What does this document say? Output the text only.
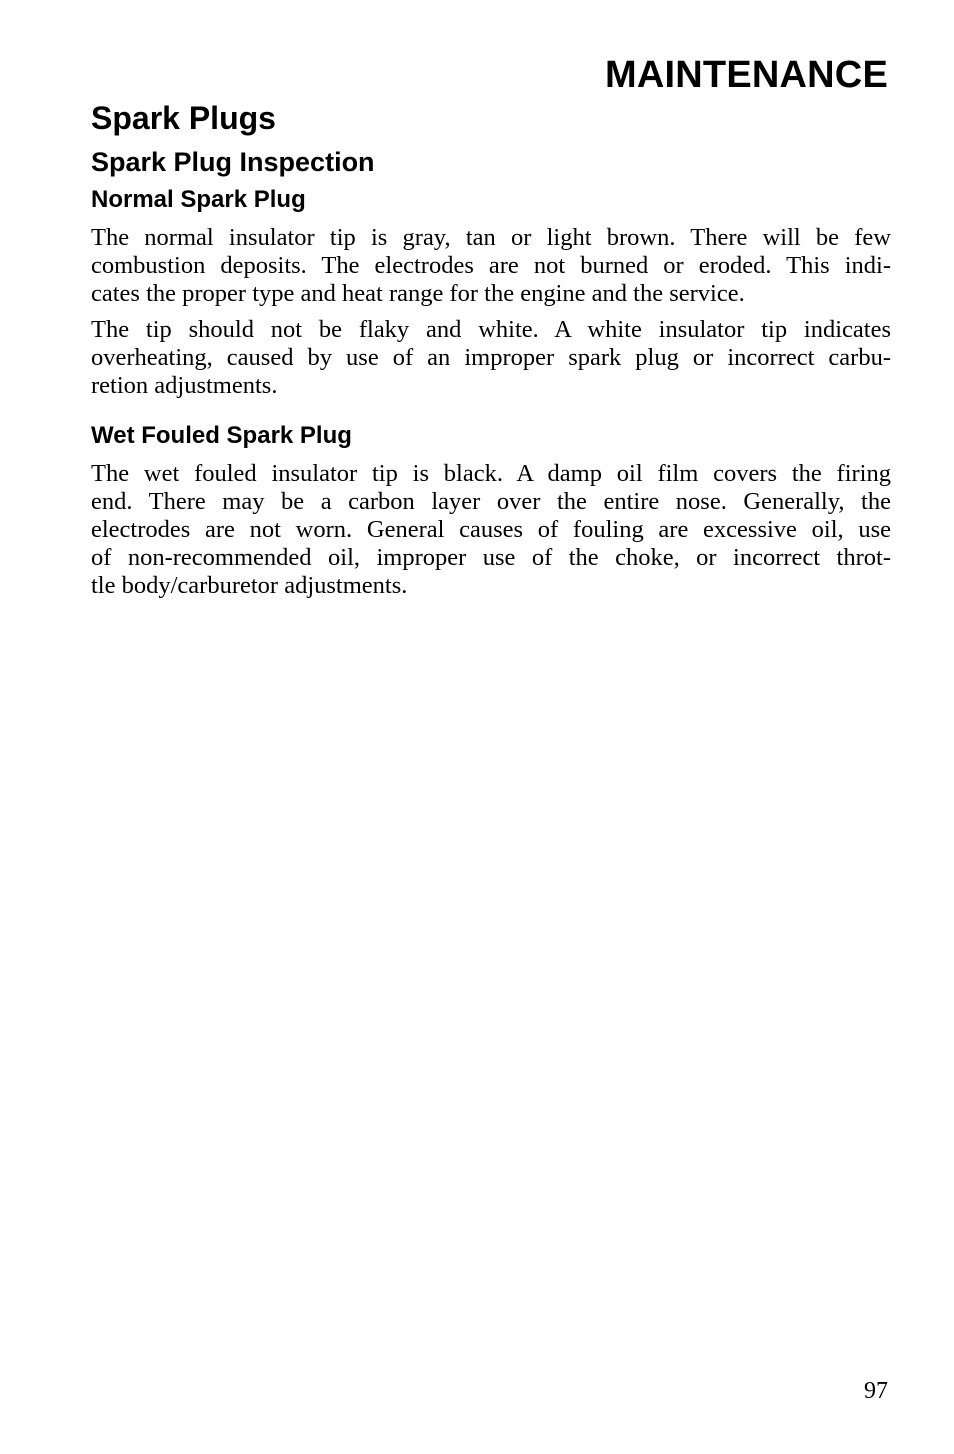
MAINTENANCE
Spark Plugs
Spark Plug Inspection
Normal Spark Plug

The normal insulator tip is gray, tan or light brown. There will be few
combustion deposits. The electrodes are not burned or eroded. This indi-
cates the proper type and heat range for the engine and the service.

The tip should not be flaky and white. A white insulator tip indicates
overheating, caused by use of an improper spark plug or incorrect carbu-
retion adjustments.

Wet Fouled Spark Plug

The wet fouled insulator tip is black. A damp oil film covers the firing
end. There may be a carbon layer over the entire nose. Generally, the
electrodes are not worn. General causes of fouling are excessive oil, use
of non-recommended oil, improper use of the choke, or incorrect throt-
tle body/carburetor adjustments.

97
